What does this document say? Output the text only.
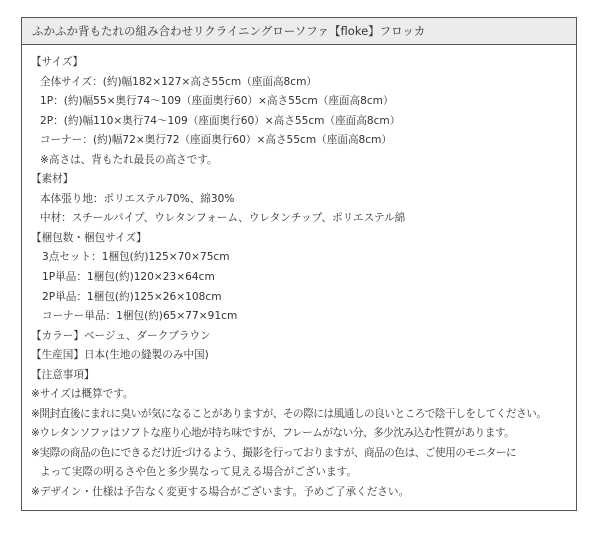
ふかふか背もたれの組み合わせリクライニングローソファ【floke】フロッカ
【サイズ】
全体サイズ：(約)幅182×127×高さ55cm（座面高8cm）
1P：(約)幅55×奥行74～109（座面奥行60）×高さ55cm（座面高8cm）
2P：(約)幅110×奥行74～109（座面奥行60）×高さ55cm（座面高8cm）
コーナー：(約)幅72×奥行72（座面奥行60）×高さ55cm（座面高8cm）
※高さは、背もたれ最長の高さです。
【素材】
本体張り地：ポリエステル70%、綿30%
中材：スチールパイプ、ウレタンフォーム、ウレタンチップ、ポリエステル綿
【梱包数・梱包サイズ】
3点セット：1梱包(約)125×70×75cm
1P単品：1梱包(約)120×23×64cm
2P単品：1梱包(約)125×26×108cm
コーナー単品：1梱包(約)65×77×91cm
【カラー】ベージュ、ダークブラウン
【生産国】日本(生地の縫製のみ中国)
【注意事項】
※サイズは概算です。
※開封直後にまれに臭いが気になることがありますが、その際には風通しの良いところで陰干しをしてください。
※ウレタンソファはソフトな座り心地が持ち味ですが、フレームがない分、多少沈み込む性質があります。
※実際の商品の色にできるだけ近づけるよう、撮影を行っておりますが、商品の色は、ご使用のモニターに
よって実際の明るさや色と多少異なって見える場合がございます。
※デザイン・仕様は予告なく変更する場合がございます。予めご了承ください。
